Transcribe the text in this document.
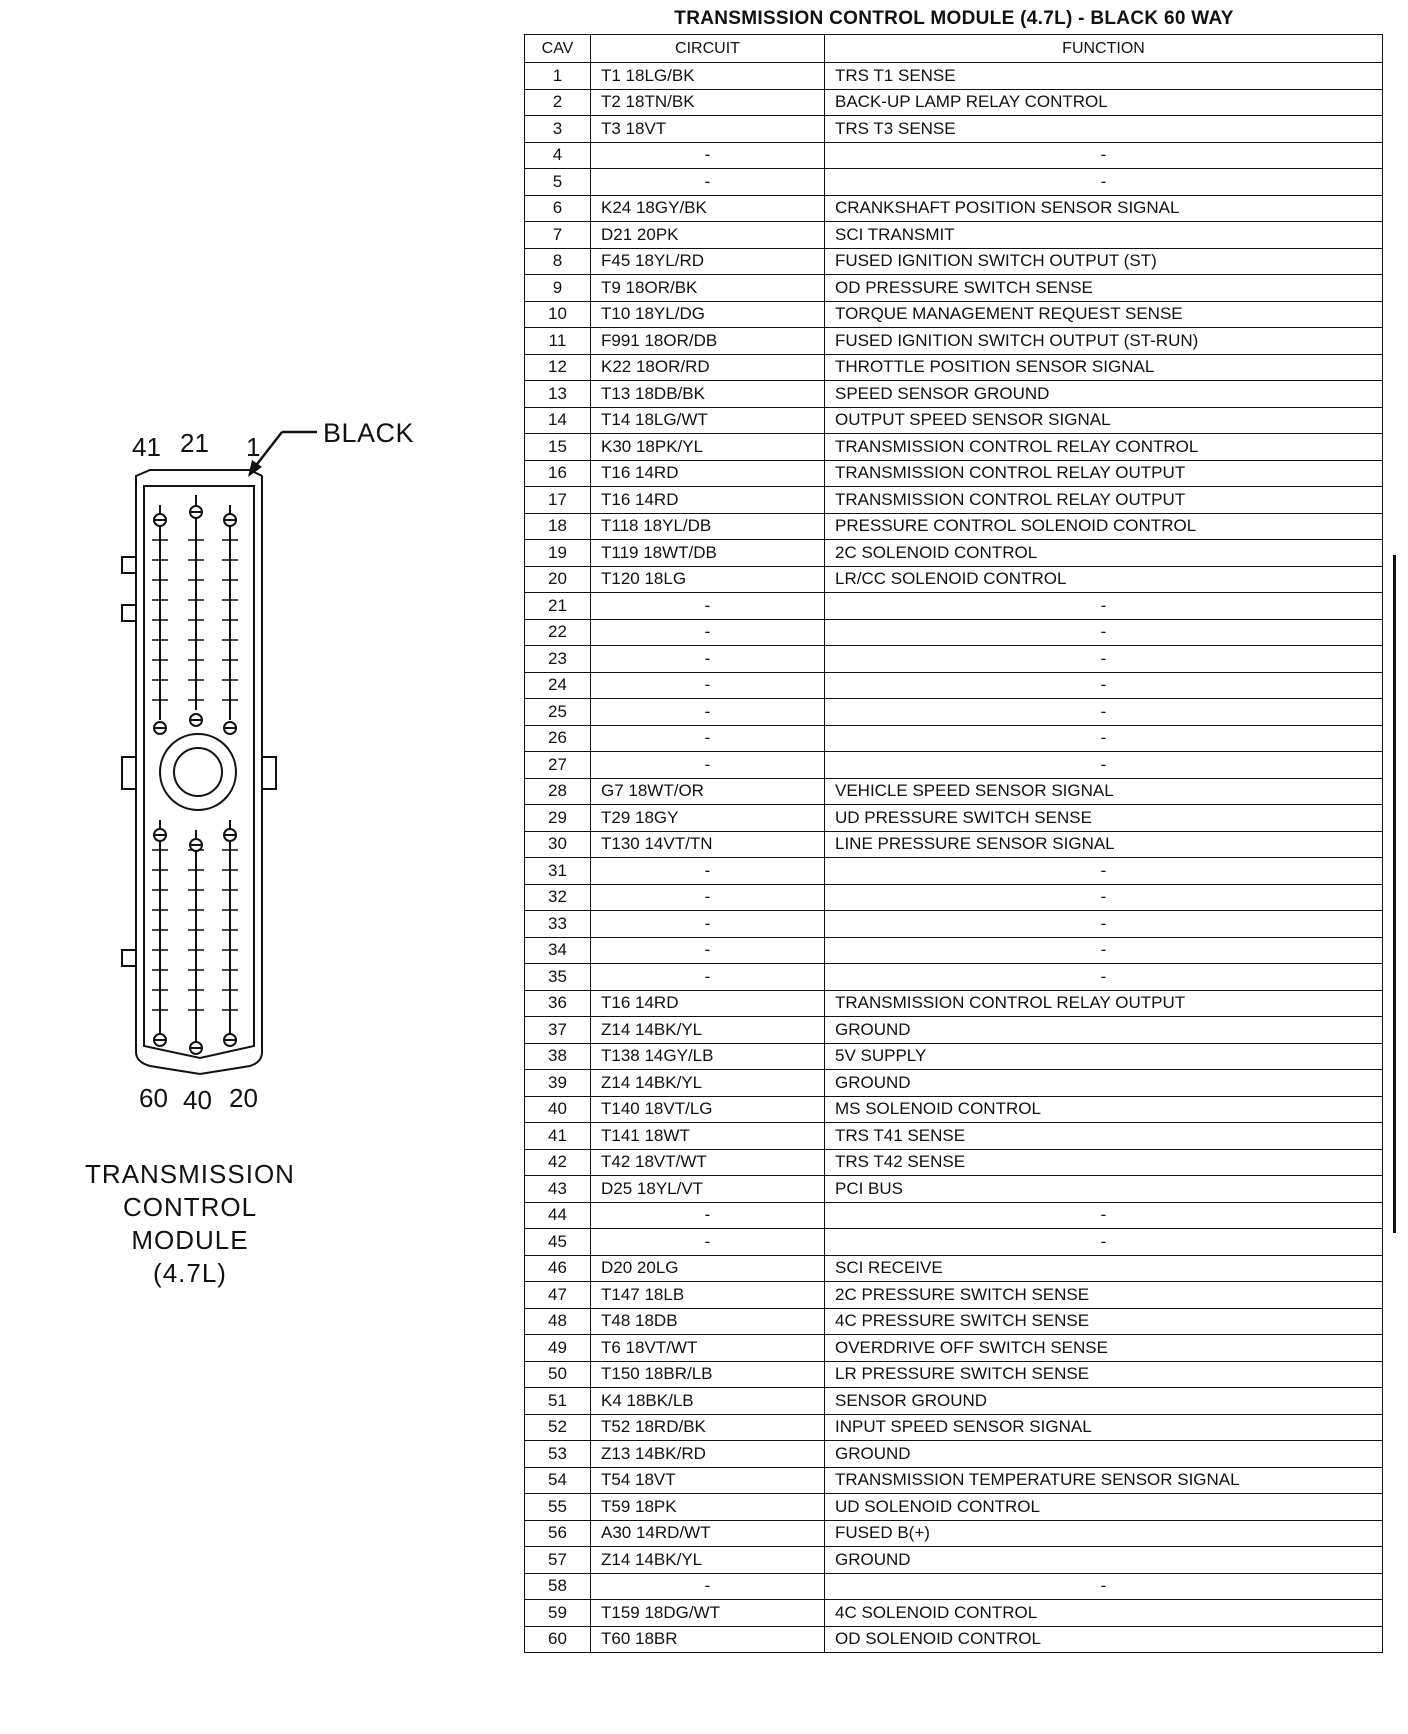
41 21 1 BLACK
60 40 20
TRANSMISSION
CONTROL
MODULE
(4.7L)
TRANSMISSION CONTROL MODULE (4.7L) - BLACK 60 WAY
CAV	CIRCUIT	FUNCTION
1	T1 18LG/BK	TRS T1 SENSE
2	T2 18TN/BK	BACK-UP LAMP RELAY CONTROL
3	T3 18VT	TRS T3 SENSE
4	-	-
5	-	-
6	K24 18GY/BK	CRANKSHAFT POSITION SENSOR SIGNAL
7	D21 20PK	SCI TRANSMIT
8	F45 18YL/RD	FUSED IGNITION SWITCH OUTPUT (ST)
9	T9 18OR/BK	OD PRESSURE SWITCH SENSE
10	T10 18YL/DG	TORQUE MANAGEMENT REQUEST SENSE
11	F991 18OR/DB	FUSED IGNITION SWITCH OUTPUT (ST-RUN)
12	K22 18OR/RD	THROTTLE POSITION SENSOR SIGNAL
13	T13 18DB/BK	SPEED SENSOR GROUND
14	T14 18LG/WT	OUTPUT SPEED SENSOR SIGNAL
15	K30 18PK/YL	TRANSMISSION CONTROL RELAY CONTROL
16	T16 14RD	TRANSMISSION CONTROL RELAY OUTPUT
17	T16 14RD	TRANSMISSION CONTROL RELAY OUTPUT
18	T118 18YL/DB	PRESSURE CONTROL SOLENOID CONTROL
19	T119 18WT/DB	2C SOLENOID CONTROL
20	T120 18LG	LR/CC SOLENOID CONTROL
21	-	-
22	-	-
23	-	-
24	-	-
25	-	-
26	-	-
27	-	-
28	G7 18WT/OR	VEHICLE SPEED SENSOR SIGNAL
29	T29 18GY	UD PRESSURE SWITCH SENSE
30	T130 14VT/TN	LINE PRESSURE SENSOR SIGNAL
31	-	-
32	-	-
33	-	-
34	-	-
35	-	-
36	T16 14RD	TRANSMISSION CONTROL RELAY OUTPUT
37	Z14 14BK/YL	GROUND
38	T138 14GY/LB	5V SUPPLY
39	Z14 14BK/YL	GROUND
40	T140 18VT/LG	MS SOLENOID CONTROL
41	T141 18WT	TRS T41 SENSE
42	T42 18VT/WT	TRS T42 SENSE
43	D25 18YL/VT	PCI BUS
44	-	-
45	-	-
46	D20 20LG	SCI RECEIVE
47	T147 18LB	2C PRESSURE SWITCH SENSE
48	T48 18DB	4C PRESSURE SWITCH SENSE
49	T6 18VT/WT	OVERDRIVE OFF SWITCH SENSE
50	T150 18BR/LB	LR PRESSURE SWITCH SENSE
51	K4 18BK/LB	SENSOR GROUND
52	T52 18RD/BK	INPUT SPEED SENSOR SIGNAL
53	Z13 14BK/RD	GROUND
54	T54 18VT	TRANSMISSION TEMPERATURE SENSOR SIGNAL
55	T59 18PK	UD SOLENOID CONTROL
56	A30 14RD/WT	FUSED B(+)
57	Z14 14BK/YL	GROUND
58	-	-
59	T159 18DG/WT	4C SOLENOID CONTROL
60	T60 18BR	OD SOLENOID CONTROL
